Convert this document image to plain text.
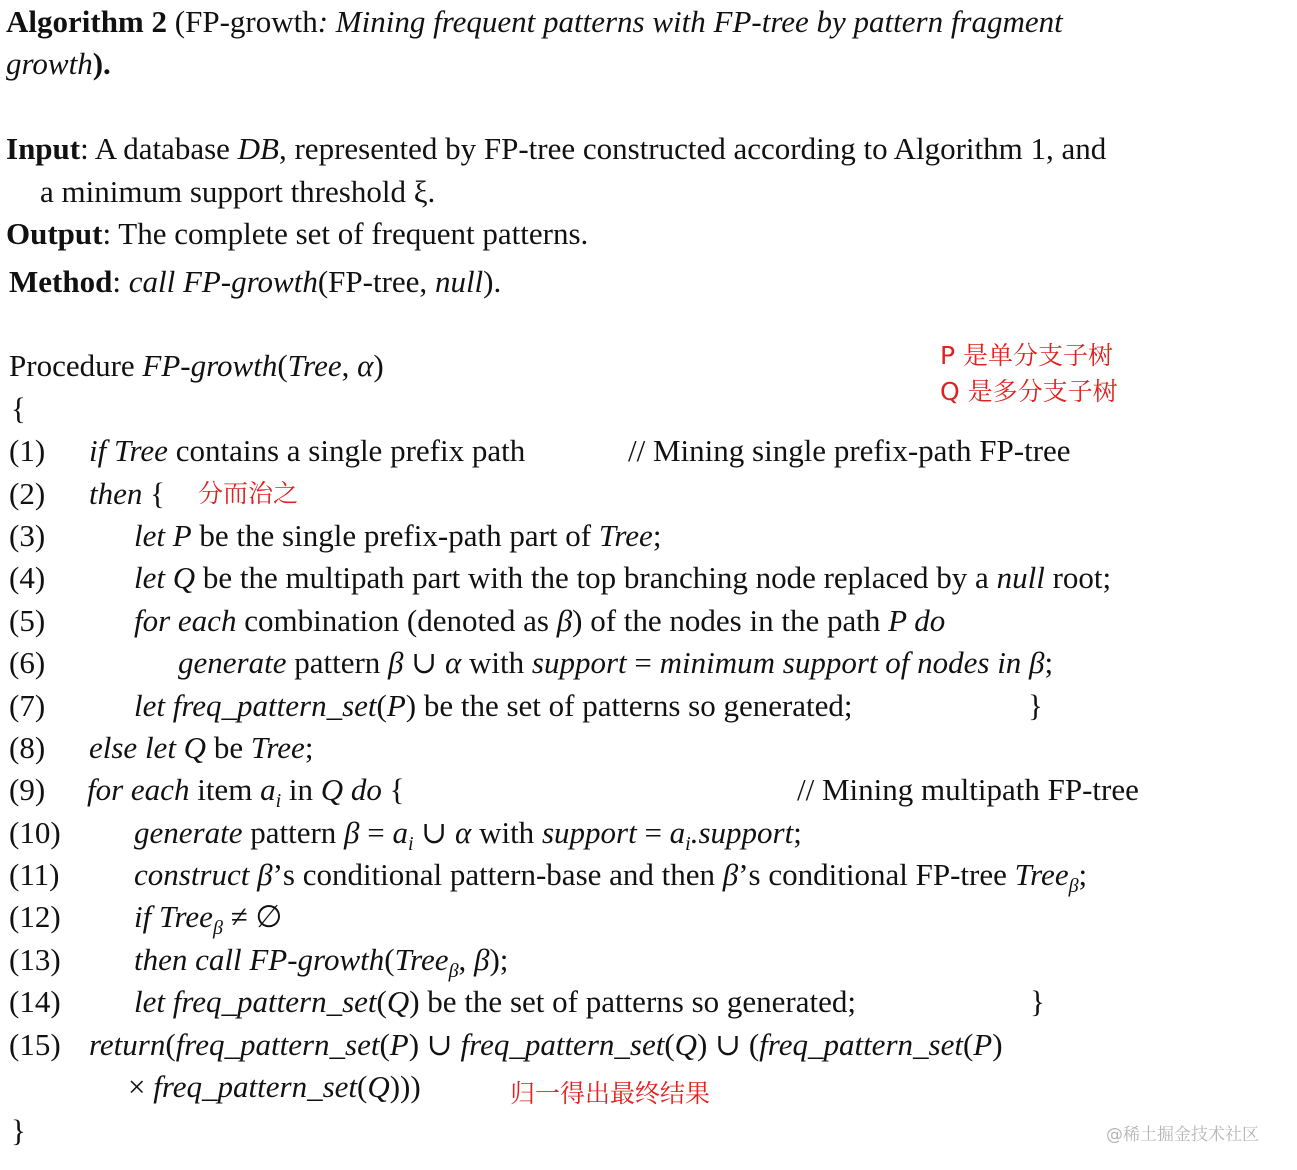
Algorithm 2 (FP-growth: Mining frequent patterns with FP-tree by pattern fragment
growth).
Input: A database DB, represented by FP-tree constructed according to Algorithm 1, and
a minimum support threshold ξ.
Output: The complete set of frequent patterns.
Method: call FP-growth(FP-tree, null).
Procedure FP-growth(Tree, α)
{
(1) if Tree contains a single prefix path	// Mining single prefix-path FP-tree
(2) then {
(3)	let P be the single prefix-path part of Tree;
(4)	let Q be the multipath part with the top branching node replaced by a null root;
(5)	for each combination (denoted as β) of the nodes in the path P do
(6)	generate pattern β ∪ α with support = minimum support of nodes in β;
(7)	let freq_pattern_set(P) be the set of patterns so generated;	}
(8) else let Q be Tree;
(9) for each item $a_i$ in Q do {	// Mining multipath FP-tree
(10) generate pattern $\beta = a_i$ ∪ α with support = $a_i.support$;
(11) construct β’s conditional pattern-base and then β’s conditional FP-tree Tree$_\beta$;
(12) if Tree$_\beta$ ≠ ∅
(13) then call FP-growth(Tree$_\beta$, β);
(14) let freq_pattern_set(Q) be the set of patterns so generated;	}
(15) return(freq_pattern_set(P) ∪ freq_pattern_set(Q) ∪ (freq_pattern_set(P)
× freq_pattern_set(Q)))
}
P 是单分支子树
Q 是多分支子树
分而治之
归一得出最终结果
@稀土掘金技术社区
